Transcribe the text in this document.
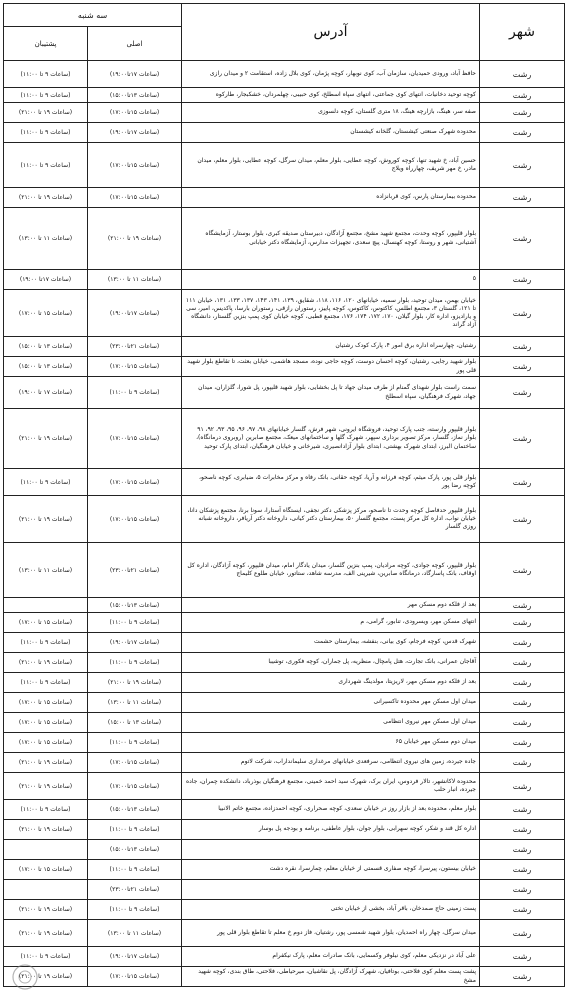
شهر	آدرس	سه شنبه	
		اصلی	پشتیبان
رشت	حافظ آباد، ورودی حمیدیان، سازمان آب، کوی نوبهار، کوچه پژمان، کوی بلال زاده، استقامت ۲ و میدان رازی	(ساعات ۱۷تا۱۹:۰۰)	(ساعات ۹ تا ۱۱:۰۰)
رشت	کوچه توحید دخانیات، انتهای کوی جماعتی، انتهای سپاه اسطلخ، کوی حبیبی، چهلمردان، خشکبجار، طارکوه	(ساعات ۱۳تا۱۵:۰۰)	(ساعات ۹ تا ۱۱:۰۰)
رشت	صفه سر، هینگ، بازارچه هینگ، ۱۸ متری گلستان، کوچه دلسوزی	(ساعات ۱۵تا۱۷:۰۰)	(ساعات ۱۹ تا ۲۱:۰۰)
رشت	محدوده شهرک صنعتی کیشستان، گلخانه کیشستان	(ساعات ۱۷تا۱۹:۰۰)	(ساعات ۹ تا ۱۱:۰۰)
رشت	حسین آباد، خ شهید تنها، کوچه کوروش، کوچه عطایی، بلوار معلم، میدان سرگل، کوچه عطایی، بلوار معلم، میدان مادر، خ مهر شریف، چهارراه ویلاج	(ساعات ۱۵تا۱۷:۰۰)	(ساعات ۹ تا ۱۱:۰۰)
رشت	محدوده بیمارستان پارس، کوی قربانزاده	(ساعات ۱۵تا۱۷:۰۰)	(ساعات ۱۹ تا ۲۱:۰۰)
رشت	بلوار قلیپور، کوچه وحدت، مجتمع شهید مشخ، مجتمع آزادگان، دبیرستان صدیقه کبری، بلوار بوستار، آزمایشگاه آشتیانی، شهر و روستا، کوچه کهنسال، پیچ سعدی، تجهیزات مدارس، آزمایشگاه دکتر خیابانی	(ساعات ۱۹ تا ۲۱:۰۰)	(ساعات ۱۱ تا ۱۳:۰۰)
رشت	٥	(ساعات ۱۱ تا ۱۳:۰۰)	(ساعات ۱۷تا ۱۹:۰۰)
رشت	خیابان بهمن، میدان توحید، بلوار سمیه، خیابانهای ۱۲۰، ۱۱۶، ۱۱۸، شقایق، ۱۳۹، ۱۴۱، ۱۴۳، ۱۳۷، ۱۳۳، ۱۳۱، خیابان ۱۱۱ تا ۱۲۱، گلستان ۳، مجتمع اطلس، کاکتوس، کاکتوس، کوچه پاییز، رستوران رازقی، رستوران بارسا، پاکدیس، امیر، سی و یارادیزو، اداره کار، بلوار گیلان، ۱۷۰، ۱۷۲، ۱۷۴، ۱۷۶، مجتمع قطبی، کوچه خیابان کوی پمپ بنزین گلستار، دانشگاه آزاد گراند	(ساعات ۱۷تا۱۹:۰۰)	(ساعات ۱۵ تا ۱۷:۰۰)
رشت	رشتیان، چهارسراه اداره برق امور ۴، پارک کودک رشتیان	(ساعات ۲۱تا۲۳:۰۰)	(ساعات ۱۳ تا ۱۵:۰۰)
رشت	بلوار شهید رجایی، رشتیان، کوچه احسان دوست، کوچه حاجی نوده، مسجد هاشمی، خیابان بعثت، تا تقاطع بلوار شهید قلی پور	(ساعات ۱۵تا۱۷:۰۰)	(ساعات ۱۳ تا ۱۵:۰۰)
رشت	سمت راست بلوار شهدای گمنام از طرف میدان جهاد تا پل بخشایی، بلوار شهید قلیپور، پل شورا، گلزاران، میدان جهاد، شهرک فرهنگیان، سپاه اسطلخ	(ساعات ۹ تا ۱۱:۰۰)	(ساعات ۱۷ تا ۱۹:۰۰)
رشت	بلوار قلیپور وارسته، جنب پارک توحید، فروشگاه ایرونی، شهر فرش، گلسار خیابانهای ۹۸، ۹۷، ۹۶، ۹۵، ۹۳، ۹۲، ۹۱ بلوار نماز، گلسار، مرکز تصویر برداری سپهر، شهرک گلها و ساختمانهای میعک، مجتمع صابرین (روبروی درمانگاه)، ساختمان البرز، ابتدای شهرک بهشتی، ابتدای بلوار آزادانصیری، شیرخانی و خیابان فرهنگیان، ابتدای پارک توحید	(ساعات ۱۵تا۱۷:۰۰)	(ساعات ۱۹ تا ۲۱:۰۰)
رشت	بلوار قلی پور، پارک میثم، کوچه فرزانه و آریا، کوچه حقانی، بانک رفاه و مرکز مخابرات ۵، ضیابری، کوچه ناصحو، کوچه رضا پور	(ساعات ۱۵تا۱۷:۰۰)	(ساعات ۹ تا ۱۱:۰۰)
رشت	بلوار قلیپور حدفاصل کوچه وحدت تا ناصحو، مرکز پزشکی دکتر نجفی، ایستگاه آستارا، سونا برنا، مجتمع پزشکان دانا، خیابان نواب، اداره کل مرکز پست، مجتمع گلسار ۵۰، بیمارستان دکتر کیانی، داروخانه دکتر آریافر، داروخانه شبانه روزی گلسار	(ساعات ۱۵تا۱۷:۰۰)	(ساعات ۱۹ تا ۲۱:۰۰)
رشت	بلوار قلیپور، کوچه جوادی، کوچه مرادیان، پمپ بنزین گلسار، میدان یادگار امام، میدان قلیپور، کوچه آزادگان، اداره کل اوقاف، بانک پاسارگاد، درمانگاه صابرین، شیرینی الف، مدرسه شاهد، ستاتور، خیابان طلوع کلیماج	(ساعات ۲۱تا۲۳:۰۰)	(ساعات ۱۱ تا ۱۳:۰۰)
رشت	بعد از فلکه دوم مسکن مهر	(ساعات ۱۳تا۱۵:۰۰)	
رشت	انتهای مسکن مهر، ویسرودی، تنابور، گرامی، م	(ساعات ۹ تا ۱۱:۰۰)	(ساعات ۱۵ تا ۱۷:۰۰)
رشت	شهرک قدس، کوچه فرجام، کوی بیانی، بنفشه، بیمارستان حشمت	(ساعات ۱۷تا۱۹:۰۰)	(ساعات ۹ تا ۱۱:۰۰)
رشت	آقاجان عمرانی، بانک تجارت، هتل پامچال، منظریه، پل جماران، کوچه فکوری، توشیبا	(ساعات ۹ تا ۱۱:۰۰)	(ساعات ۱۹ تا ۲۱:۰۰)
رشت	بعد از فلکه دوم مسکن مهر، لاریزیتا، مولدینگ شهرداری	(ساعات ۱۹ تا ۲۱:۰۰)	(ساعات ۹ تا ۱۱:۰۰)
رشت	میدان اول مسکن مهر محدوده تاکسیرانی	(ساعات ۱۱ تا ۱۳:۰۰)	(ساعات ۱۵ تا ۱۷:۰۰)
رشت	میدان اول مسکن مهر نیروی انتظامی	(ساعات ۱۳ تا ۱۵:۰۰)	(ساعات ۱۵ تا ۱۷:۰۰)
رشت	میدان دوم مسکن مهر خیابان ۶۵	(ساعات ۹ تا ۱۱:۰۰)	(ساعات ۱۵ تا ۱۷:۰۰)
رشت	جاده جیرده، زمین های نیروی انتظامی، سرفعدی خیابانهای مرغداری سلیمانداراب، شرکت لاتوم	(ساعات ۱۵تا۱۷:۰۰)	(ساعات ۱۹ تا ۲۱:۰۰)
رشت	محدوده لاکانشهر، تالار فردوس، ایران برک، شهرک سید احمد خمینی، مجتمع فرهنگیان بوذرباد، دانشکده چمران، جاده جیرده، انبار حلب	(ساعات ۱۵تا۱۷:۰۰)	(ساعات ۱۹ تا ۲۱:۰۰)
رشت	بلوار معلم، محدوده بعد از بازار روز در خیابان سعدی، کوچه صحراری، کوچه احمدزاده، مجتمع خاتم الانبیا	(ساعات ۱۳تا۱۵:۰۰)	(ساعات ۹ تا ۱۱:۰۰)
رشت	اداره کل قند و شکر، کوچه سهرابی، بلوار جوان، بلوار عاطفی، برنامه و بودجه پل بوسار	(ساعات ۹ تا ۱۱:۰۰)	(ساعات ۱۹ تا ۲۱:۰۰)
رشت		(ساعات ۱۳تا۱۵:۰۰)	
رشت	خیابان بیستون، پیرسرا، کوچه صفاری قسمتی از خیابان معلم، چمارسرا، نقره دشت	(ساعات ۹ تا ۱۱:۰۰)	(ساعات ۱۵ تا ۱۷:۰۰)
رشت		(ساعات ۲۱تا۲۳:۰۰)	
رشت	پست زمینی حاج صمدخان، باقر آباد، بخشی از خیابان تختی	(ساعات ۹ تا ۱۱:۰۰)	(ساعات ۱۹ تا ۲۱:۰۰)
رشت	میدان سرگل، چهار راه احمدیان، بلوار شهید شمسی پور، رشتیان، فاز دوم خ معلم تا تقاطع بلوار قلی پور	(ساعات ۱۱ تا ۱۳:۰۰)	(ساعات ۱۹ تا ۲۱:۰۰)
رشت	علی آباد در نزدیکی معلم، کوی نیلوفر وکسمایی، بانک صادرات معلم، پارک نیکفرام	(ساعات ۱۷تا۱۹:۰۰)	(ساعات ۹ تا ۱۱:۰۰)
رشت	پشت پست معلم کوی فلاحتی، بوتافیان، شهرک آزادگان، پل نقاشیان، میرحیاطی، فلاحتی، طاق بندی، کوچه شهید مشخ	(ساعات ۱۵تا۱۷:۰۰)	(ساعات ۱۹ تا ۲۱:۰۰)
